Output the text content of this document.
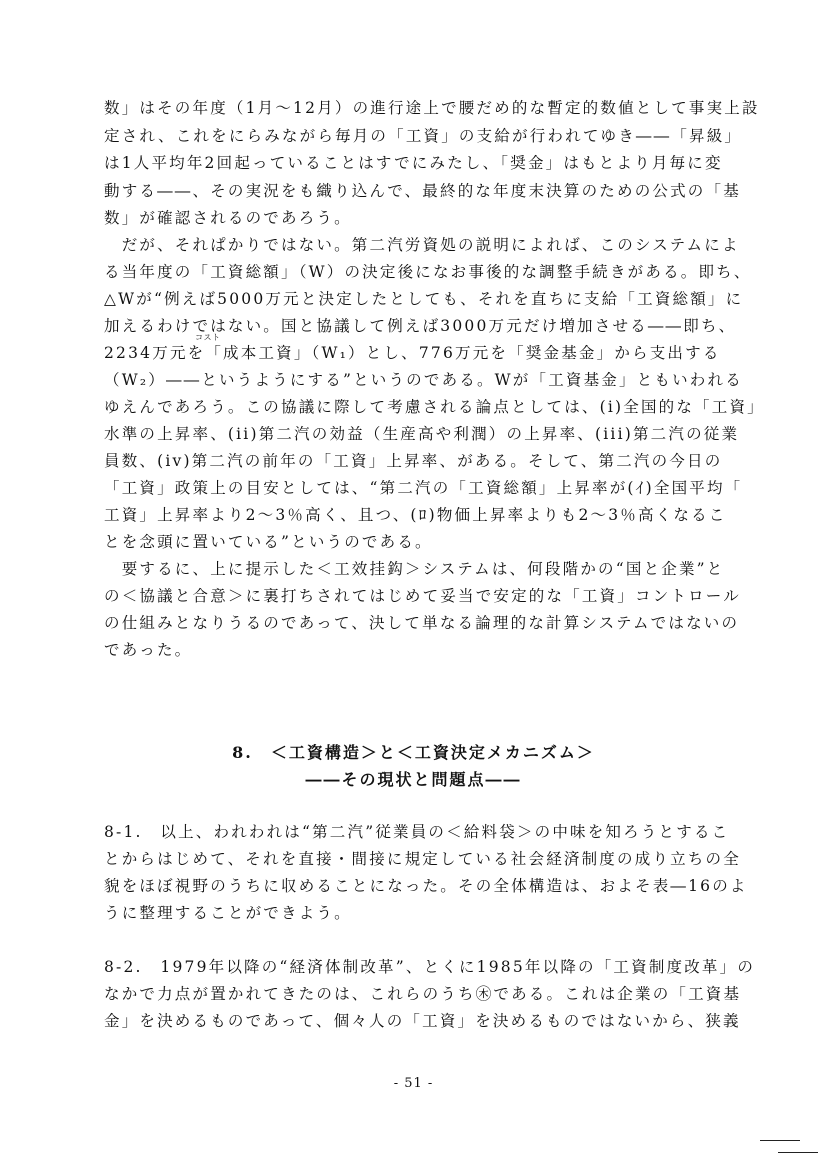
数」はその年度（1月～12月）の進行途上で腰だめ的な暫定的数値として事実上設
定され、これをにらみながら毎月の「工資」の支給が行われてゆき――「昇級」
は1人平均年2回起っていることはすでにみたし、「奨金」はもとより月毎に変
動する――、その実況をも織り込んで、最終的な年度末決算のための公式の「基
数」が確認されるのであろう。
　だが、それぱかりではない。第二汽労資処の説明によれば、このシステムによ
る当年度の「工資総額」（W）の決定後になお事後的な調整手続きがある。即ち、
△Wが“例えば5000万元と決定したとしても、それを直ちに支給「工資総額」に
加えるわけではない。国と協議して例えば3000万元だけ増加させる――即ち、
コスト
2234万元を「成本工資」（W₁）とし、776万元を「奨金基金」から支出する
（W₂）――というようにする”というのである。Wが「工資基金」ともいわれる
ゆえんであろう。この協議に際して考慮される論点としては、(i)全国的な「工資」
水準の上昇率、(ii)第二汽の効益（生産高や利潤）の上昇率、(iii)第二汽の従業
員数、(iv)第二汽の前年の「工資」上昇率、がある。そして、第二汽の今日の
「工資」政策上の目安としては、“第二汽の「工資総額」上昇率が(ｲ)全国平均「
工資」上昇率より2～3％高く、且つ、(ﾛ)物価上昇率よりも2～3％高くなるこ
とを念頭に置いている”というのである。
　要するに、上に提示した＜工效挂鈎＞システムは、何段階かの“国と企業”と
の＜協議と合意＞に裏打ちされてはじめて妥当で安定的な「工資」コントロール
の仕組みとなりうるのであって、決して単なる論理的な計算システムではないの
であった。
8.　＜工資構造＞と＜工資決定メカニズム＞
――その現状と問題点――
8-1.　以上、われわれは“第二汽”従業員の＜給料袋＞の中味を知ろうとするこ
とからはじめて、それを直接・間接に規定している社会経済制度の成り立ちの全
貌をほぼ視野のうちに収めることになった。その全体構造は、およそ表―16のよ
うに整理することができよう。
8-2.　1979年以降の“経済体制改革”、とくに1985年以降の「工資制度改革」の
なかで力点が置かれてきたのは、これらのうち㊍である。これは企業の「工資基
金」を決めるものであって、個々人の「工資」を決めるものではないから、狭義
- 51 -
